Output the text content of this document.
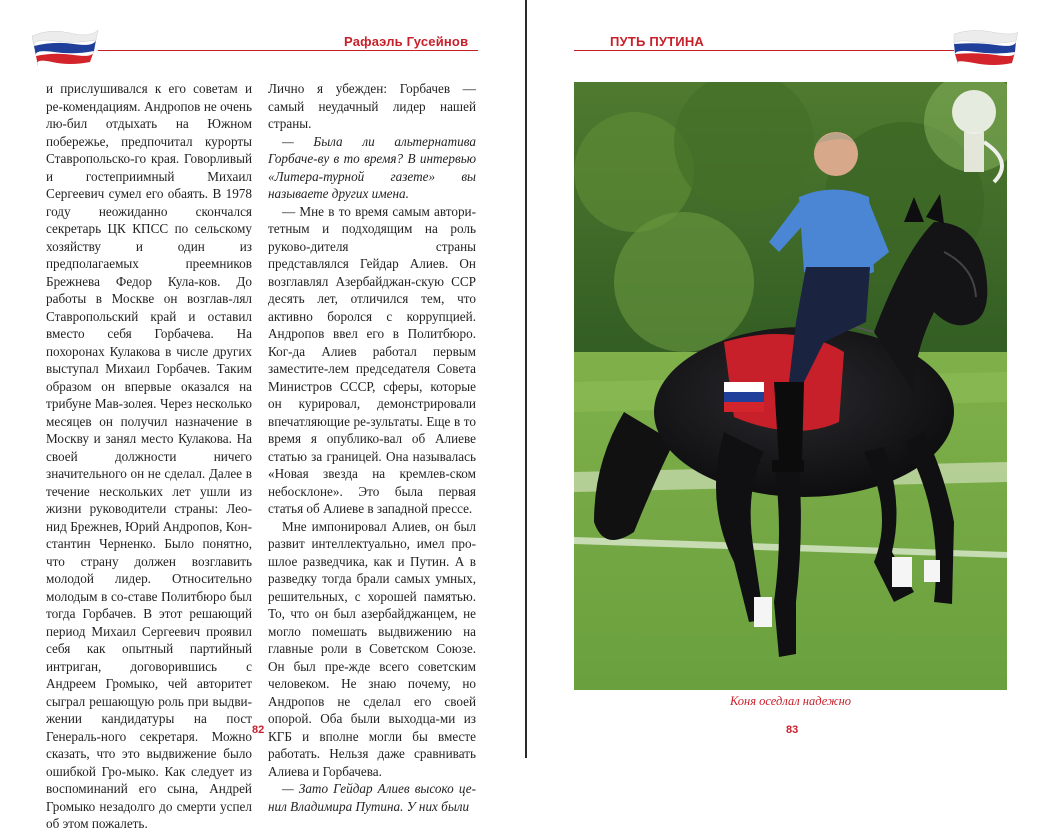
Рафаэль Гусейнов

и прислушивался к его советам и ре-комендациям. Андропов не очень лю-бил отдыхать на Южном побережье, предпочитал курорты Ставропольско-го края. Говорливый и гостеприимный Михаил Сергеевич сумел его обаять. В 1978 году неожиданно скончался секретарь ЦК КПСС по сельскому хозяйству и один из предполагаемых преемников Брежнева Федор Кула-ков. До работы в Москве он возглав-лял Ставропольский край и оставил вместо себя Горбачева. На похоронах Кулакова в числе других выступал Михаил Горбачев. Таким образом он впервые оказался на трибуне Мав-золея. Через несколько месяцев он получил назначение в Москву и занял место Кулакова. На своей должности ничего значительного он не сделал. Далее в течение нескольких лет ушли из жизни руководители страны: Лео-нид Брежнев, Юрий Андропов, Кон-стантин Черненко. Было понятно, что страну должен возглавить молодой лидер. Относительно молодым в со-ставе Политбюро был тогда Горбачев. В этот решающий период Михаил Сергеевич проявил себя как опытный партийный интриган, договорившись с Андреем Громыко, чей авторитет сыграл решающую роль при выдви-жении кандидатуры на пост Генераль-ного секретаря. Можно сказать, что это выдвижение было ошибкой Гро-мыко. Как следует из воспоминаний его сына, Андрей Громыко незадолго до смерти успел об этом пожалеть.

Лично я убежден: Горбачев — самый неудачный лидер нашей страны.

— Была ли альтернатива Горбаче-ву в то время? В интервью «Литера-турной газете» вы называете других имена.

— Мне в то время самым автори-тетным и подходящим на роль руково-дителя страны представлялся Гейдар Алиев. Он возглавлял Азербайджан-скую ССР десять лет, отличился тем, что активно боролся с коррупцией. Андропов ввел его в Политбюро. Ког-да Алиев работал первым заместите-лем председателя Совета Министров СССР, сферы, которые он курировал, демонстрировали впечатляющие ре-зультаты. Еще в то время я опублико-вал об Алиеве статью за границей. Она называлась «Новая звезда на кремлев-ском небосклоне». Это была первая статья об Алиеве в западной прессе.

Мне импонировал Алиев, он был развит интеллектуально, имел про-шлое разведчика, как и Путин. А в разведку тогда брали самых умных, решительных, с хорошей памятью. То, что он был азербайджанцем, не могло помешать выдвижению на главные роли в Советском Союзе. Он был пре-жде всего советским человеком. Не знаю почему, но Андропов не сделал его своей опорой. Оба были выходца-ми из КГБ и вполне могли бы вместе работать. Нельзя даже сравнивать Алиева и Горбачева.

— Зато Гейдар Алиев высоко це-нил Владимира Путина. У них были

82
ПУТЬ ПУТИНА
Коня оседлал надежно
83
